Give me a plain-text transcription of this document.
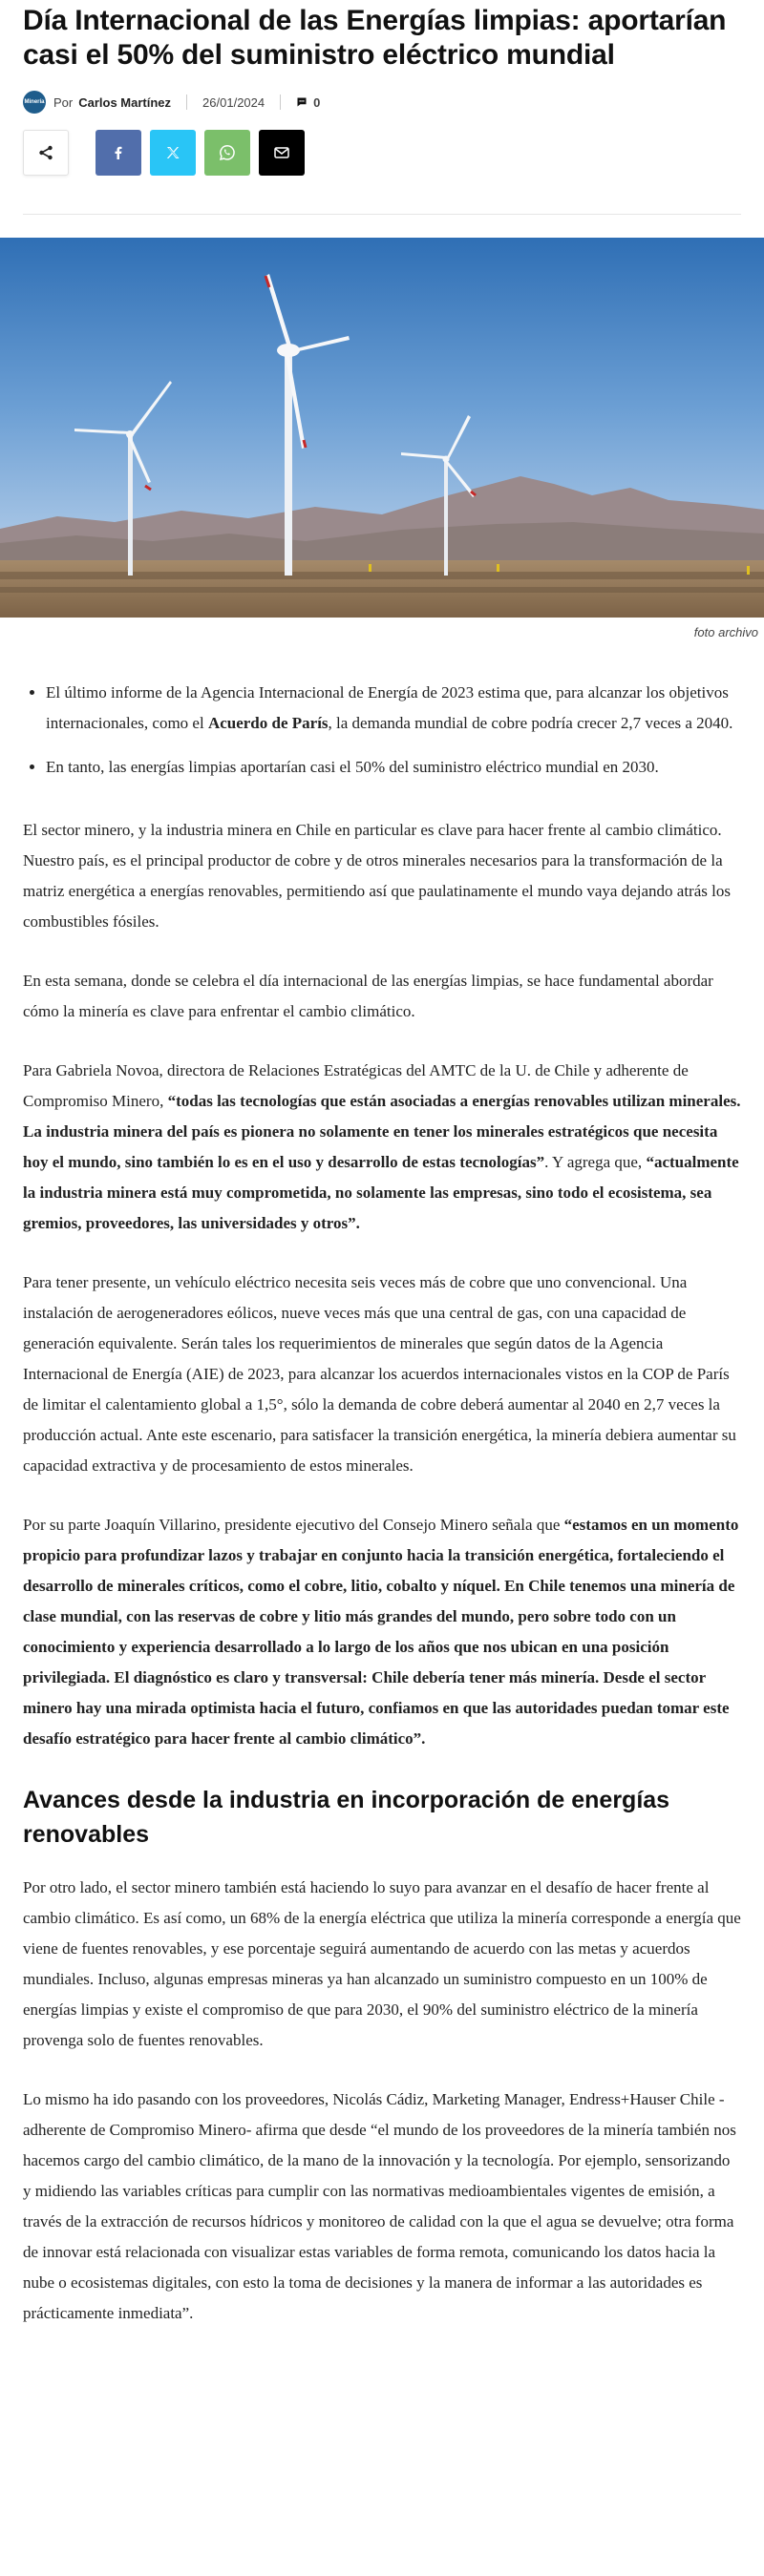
Día Internacional de las Energías limpias: aportarían casi el 50% del suministro eléctrico mundial
Minería Por Carlos Martínez	26/01/2024	0
foto archivo
• El último informe de la Agencia Internacional de Energía de 2023 estima que, para alcanzar los objetivos internacionales, como el Acuerdo de París, la demanda mundial de cobre podría crecer 2,7 veces a 2040.
• En tanto, las energías limpias aportarían casi el 50% del suministro eléctrico mundial en 2030.

El sector minero, y la industria minera en Chile en particular es clave para hacer frente al cambio climático. Nuestro país, es el principal productor de cobre y de otros minerales necesarios para la transformación de la matriz energética a energías renovables, permitiendo así que paulatinamente el mundo vaya dejando atrás los combustibles fósiles.

En esta semana, donde se celebra el día internacional de las energías limpias, se hace fundamental abordar cómo la minería es clave para enfrentar el cambio climático.

Para Gabriela Novoa, directora de Relaciones Estratégicas del AMTC de la U. de Chile y adherente de Compromiso Minero, “todas las tecnologías que están asociadas a energías renovables utilizan minerales. La industria minera del país es pionera no solamente en tener los minerales estratégicos que necesita hoy el mundo, sino también lo es en el uso y desarrollo de estas tecnologías”. Y agrega que, “actualmente la industria minera está muy comprometida, no solamente las empresas, sino todo el ecosistema, sea gremios, proveedores, las universidades y otros”.

Para tener presente, un vehículo eléctrico necesita seis veces más de cobre que uno convencional. Una instalación de aerogeneradores eólicos, nueve veces más que una central de gas, con una capacidad de generación equivalente. Serán tales los requerimientos de minerales que según datos de la Agencia Internacional de Energía (AIE) de 2023, para alcanzar los acuerdos internacionales vistos en la COP de París de limitar el calentamiento global a 1,5°, sólo la demanda de cobre deberá aumentar al 2040 en 2,7 veces la producción actual. Ante este escenario, para satisfacer la transición energética, la minería debiera aumentar su capacidad extractiva y de procesamiento de estos minerales.

Por su parte Joaquín Villarino, presidente ejecutivo del Consejo Minero señala que “estamos en un momento propicio para profundizar lazos y trabajar en conjunto hacia la transición energética, fortaleciendo el desarrollo de minerales críticos, como el cobre, litio, cobalto y níquel. En Chile tenemos una minería de clase mundial, con las reservas de cobre y litio más grandes del mundo, pero sobre todo con un conocimiento y experiencia desarrollado a lo largo de los años que nos ubican en una posición privilegiada. El diagnóstico es claro y transversal: Chile debería tener más minería. Desde el sector minero hay una mirada optimista hacia el futuro, confiamos en que las autoridades puedan tomar este desafío estratégico para hacer frente al cambio climático”.

Avances desde la industria en incorporación de energías renovables

Por otro lado, el sector minero también está haciendo lo suyo para avanzar en el desafío de hacer frente al cambio climático. Es así como, un 68% de la energía eléctrica que utiliza la minería corresponde a energía que viene de fuentes renovables, y ese porcentaje seguirá aumentando de acuerdo con las metas y acuerdos mundiales. Incluso, algunas empresas mineras ya han alcanzado un suministro compuesto en un 100% de energías limpias y existe el compromiso de que para 2030, el 90% del suministro eléctrico de la minería provenga solo de fuentes renovables.

Lo mismo ha ido pasando con los proveedores, Nicolás Cádiz, Marketing Manager, Endress+Hauser Chile -adherente de Compromiso Minero- afirma que desde “el mundo de los proveedores de la minería también nos hacemos cargo del cambio climático, de la mano de la innovación y la tecnología. Por ejemplo, sensorizando y midiendo las variables críticas para cumplir con las normativas medioambientales vigentes de emisión, a través de la extracción de recursos hídricos y monitoreo de calidad con la que el agua se devuelve; otra forma de innovar está relacionada con visualizar estas variables de forma remota, comunicando los datos hacia la nube o ecosistemas digitales, con esto la toma de decisiones y la manera de informar a las autoridades es prácticamente inmediata”.
